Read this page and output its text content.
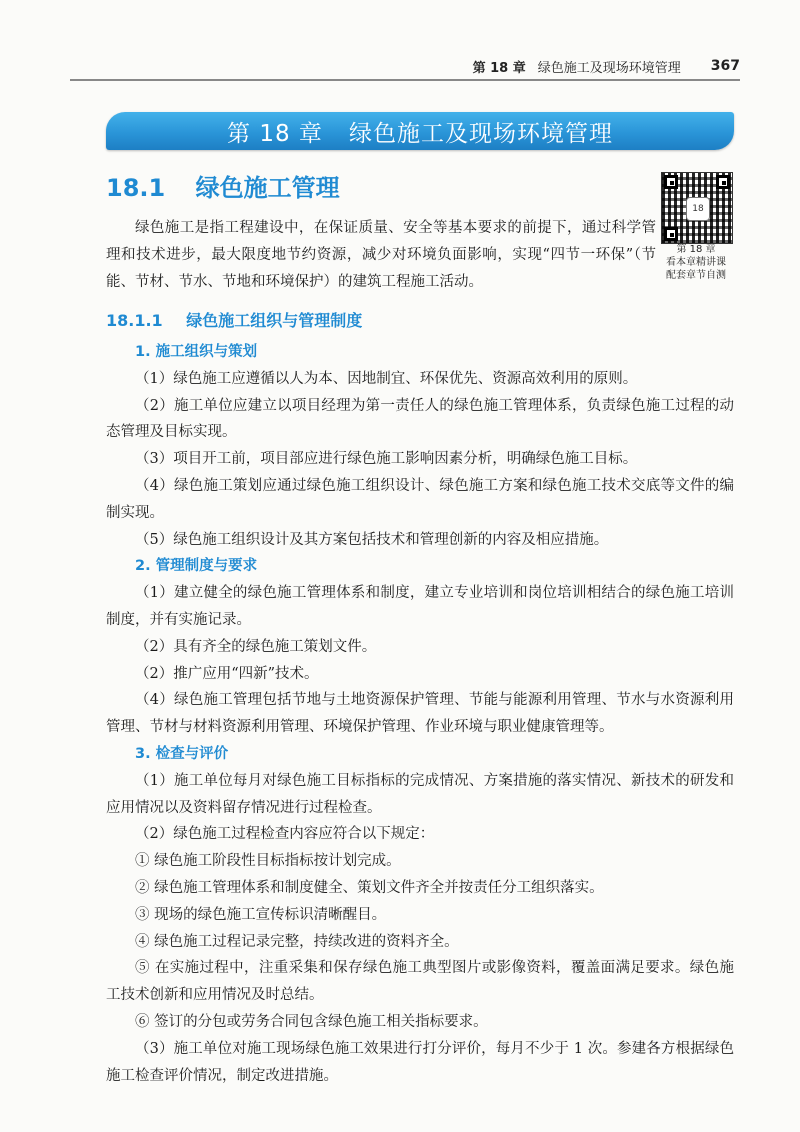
第 18 章 绿色施工及现场环境管理 367
第 18 章 绿色施工及现场环境管理
18.1 绿色施工管理
18
第 18 章
看本章精讲课
配套章节自测

绿色施工是指工程建设中，在保证质量、安全等基本要求的前提下，通过科学管理和技术进步，最大限度地节约资源，减少对环境负面影响，实现“四节一环保”（节能、节材、节水、节地和环境保护）的建筑工程施工活动。

18.1.1 绿色施工组织与管理制度
1. 施工组织与策划

（1）绿色施工应遵循以人为本、因地制宜、环保优先、资源高效利用的原则。

（2）施工单位应建立以项目经理为第一责任人的绿色施工管理体系，负责绿色施工过程的动态管理及目标实现。

（3）项目开工前，项目部应进行绿色施工影响因素分析，明确绿色施工目标。

（4）绿色施工策划应通过绿色施工组织设计、绿色施工方案和绿色施工技术交底等文件的编制实现。

（5）绿色施工组织设计及其方案包括技术和管理创新的内容及相应措施。

2. 管理制度与要求

（1）建立健全的绿色施工管理体系和制度，建立专业培训和岗位培训相结合的绿色施工培训制度，并有实施记录。

（2）具有齐全的绿色施工策划文件。

（2）推广应用“四新”技术。

（4）绿色施工管理包括节地与土地资源保护管理、节能与能源利用管理、节水与水资源利用管理、节材与材料资源利用管理、环境保护管理、作业环境与职业健康管理等。

3. 检查与评价

（1）施工单位每月对绿色施工目标指标的完成情况、方案措施的落实情况、新技术的研发和应用情况以及资料留存情况进行过程检查。

（2）绿色施工过程检查内容应符合以下规定：

① 绿色施工阶段性目标指标按计划完成。

② 绿色施工管理体系和制度健全、策划文件齐全并按责任分工组织落实。

③ 现场的绿色施工宣传标识清晰醒目。

④ 绿色施工过程记录完整，持续改进的资料齐全。

⑤ 在实施过程中，注重采集和保存绿色施工典型图片或影像资料，覆盖面满足要求。绿色施工技术创新和应用情况及时总结。

⑥ 签订的分包或劳务合同包含绿色施工相关指标要求。

（3）施工单位对施工现场绿色施工效果进行打分评价，每月不少于 1 次。参建各方根据绿色施工检查评价情况，制定改进措施。
